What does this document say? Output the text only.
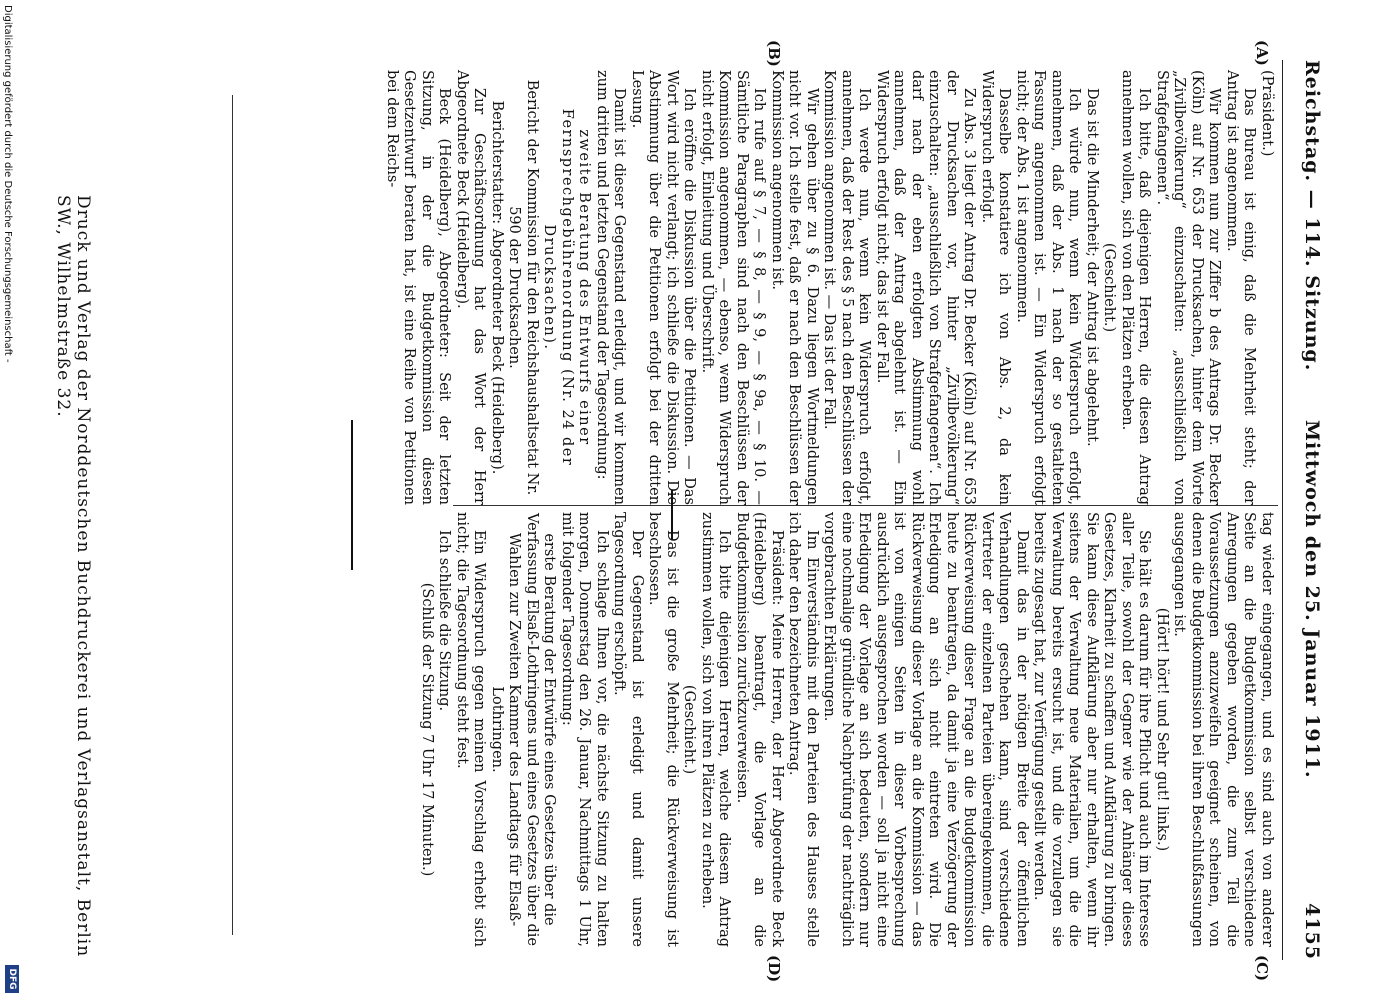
Reichstag. — 114. Sitzung.
Mittwoch den 25. Januar 1911.
4155
(A)
(B)
(C)
(D)

(Präsident.)

Das Bureau ist einig, daß die Mehrheit steht; der Antrag ist angenommen.

Wir kommen nun zur Ziffer b des Antrags Dr. Becker (Köln) auf Nr. 653 der Drucksachen, hinter dem Worte „Zivilbevölkerung“ einzuschalten: „ausschließlich von Strafgefangenen“.

Ich bitte, daß diejenigen Herren, die diesen Antrag annehmen wollen, sich von den Plätzen erheben.

(Geschieht.)

Das ist die Minderheit; der Antrag ist abgelehnt.

Ich würde nun, wenn kein Widerspruch erfolgt, annehmen, daß der Abs. 1 nach der so gestalteten Fassung angenommen ist. — Ein Widerspruch erfolgt nicht; der Abs. 1 ist angenommen.

Dasselbe konstatiere ich von Abs. 2, da kein Widerspruch erfolgt.

Zu Abs. 3 liegt der Antrag Dr. Becker (Köln) auf Nr. 653 der Drucksachen vor, hinter „Zivilbevölkerung“ einzuschalten: „ausschließlich von Strafgefangenen“. Ich darf nach der eben erfolgten Abstimmung wohl annehmen, daß der Antrag abgelehnt ist. — Ein Widerspruch erfolgt nicht; das ist der Fall.

Ich werde nun, wenn kein Widerspruch erfolgt, annehmen, daß der Rest des § 5 nach den Beschlüssen der Kommission angenommen ist. — Das ist der Fall.

Wir gehen über zu § 6. Dazu liegen Wortmeldungen nicht vor. Ich stelle fest, daß er nach den Beschlüssen der Kommission angenommen ist.

Ich rufe auf § 7, — § 8, — § 9, — § 9a, — § 10. — Sämtliche Paragraphen sind nach den Beschlüssen der Kommission angenommen, — ebenso, wenn Widerspruch nicht erfolgt, Einleitung und Überschrift.

Ich eröffne die Diskussion über die Petitionen. — Das Wort wird nicht verlangt; ich schließe die Diskussion. Die Abstimmung über die Petitionen erfolgt bei der dritten Lesung.

Damit ist dieser Gegenstand erledigt, und wir kommen zum dritten und letzten Gegenstand der Tagesordnung:

zweite Beratung des Entwurfs einer Fernsprechgebührenordnung (Nr. 24 der Drucksachen).

Bericht der Kommission für den Reichshaushaltsetat Nr. 590 der Drucksachen.

Berichterstatter: Abgeordneter Beck (Heidelberg).

Zur Geschäftsordnung hat das Wort der Herr Abgeordnete Beck (Heidelberg).

Beck (Heidelberg), Abgeordneter: Seit der letzten Sitzung, in der die Budgetkommission diesen Gesetzentwurf beraten hat, ist eine Reihe von Petitionen bei dem Reichs-

tag wieder eingegangen, und es sind auch von anderer Seite an die Budgetkommission selbst verschiedene Anregungen gegeben worden, die zum Teil die Voraussetzungen anzuzweifeln geeignet scheinen, von denen die Budgetkommission bei ihren Beschlußfassungen ausgegangen ist.

(Hört! hört! und Sehr gut! links.)

Sie hält es darum für ihre Pflicht und auch im Interesse aller Teile, sowohl der Gegner wie der Anhänger dieses Gesetzes, Klarheit zu schaffen und Aufklärung zu bringen. Sie kann diese Aufklärung aber nur erhalten, wenn ihr seitens der Verwaltung neue Materialien, um die die Verwaltung bereits ersucht ist, und die vorzulegen sie bereits zugesagt hat, zur Verfügung gestellt werden.

Damit das in der nötigen Breite der öffentlichen Verhandlungen geschehen kann, sind verschiedene Vertreter der einzelnen Parteien übereingekommen, die Rückverweisung dieser Frage an die Budgetkommission heute zu beantragen, da damit ja eine Verzögerung der Erledigung an sich nicht eintreten wird. Die Rückverweisung dieser Vorlage an die Kommission — das ist von einigen Seiten in dieser Vorbesprechung ausdrücklich ausgesprochen worden — soll ja nicht eine Erledigung der Vorlage an sich bedeuten, sondern nur eine nochmalige gründliche Nachprüfung der nachträglich vorgebrachten Erklärungen.

Im Einverständnis mit den Parteien des Hauses stelle ich daher den bezeichneten Antrag.

Präsident: Meine Herren, der Herr Abgeordnete Beck (Heidelberg) beantragt, die Vorlage an die Budgetkommission zurückzuverweisen.

Ich bitte diejenigen Herren, welche diesem Antrag zustimmen wollen, sich von ihren Plätzen zu erheben.

(Geschieht.)

Das ist die große Mehrheit; die Rückverweisung ist beschlossen.

Der Gegenstand ist erledigt und damit unsere Tagesordnung erschöpft.

Ich schlage Ihnen vor, die nächste Sitzung zu halten morgen, Donnerstag den 26. Januar, Nachmittags 1 Uhr, mit folgender Tagesordnung:

erste Beratung der Entwürfe eines Gesetzes über die Verfassung Elsaß-Lothringens und eines Gesetzes über die Wahlen zur Zweiten Kammer des Landtags für Elsaß-Lothringen.

Ein Widerspruch gegen meinen Vorschlag erhebt sich nicht; die Tagesordnung steht fest.

Ich schließe die Sitzung.

(Schluß der Sitzung 7 Uhr 17 Minuten.)

Druck und Verlag der Norddeutschen Buchdruckerei und Verlagsanstalt, Berlin SW., Wilhelmstraße 32.
Digitalisierung gefördert durch die Deutsche Forschungsgemeinschaft -
DFG
